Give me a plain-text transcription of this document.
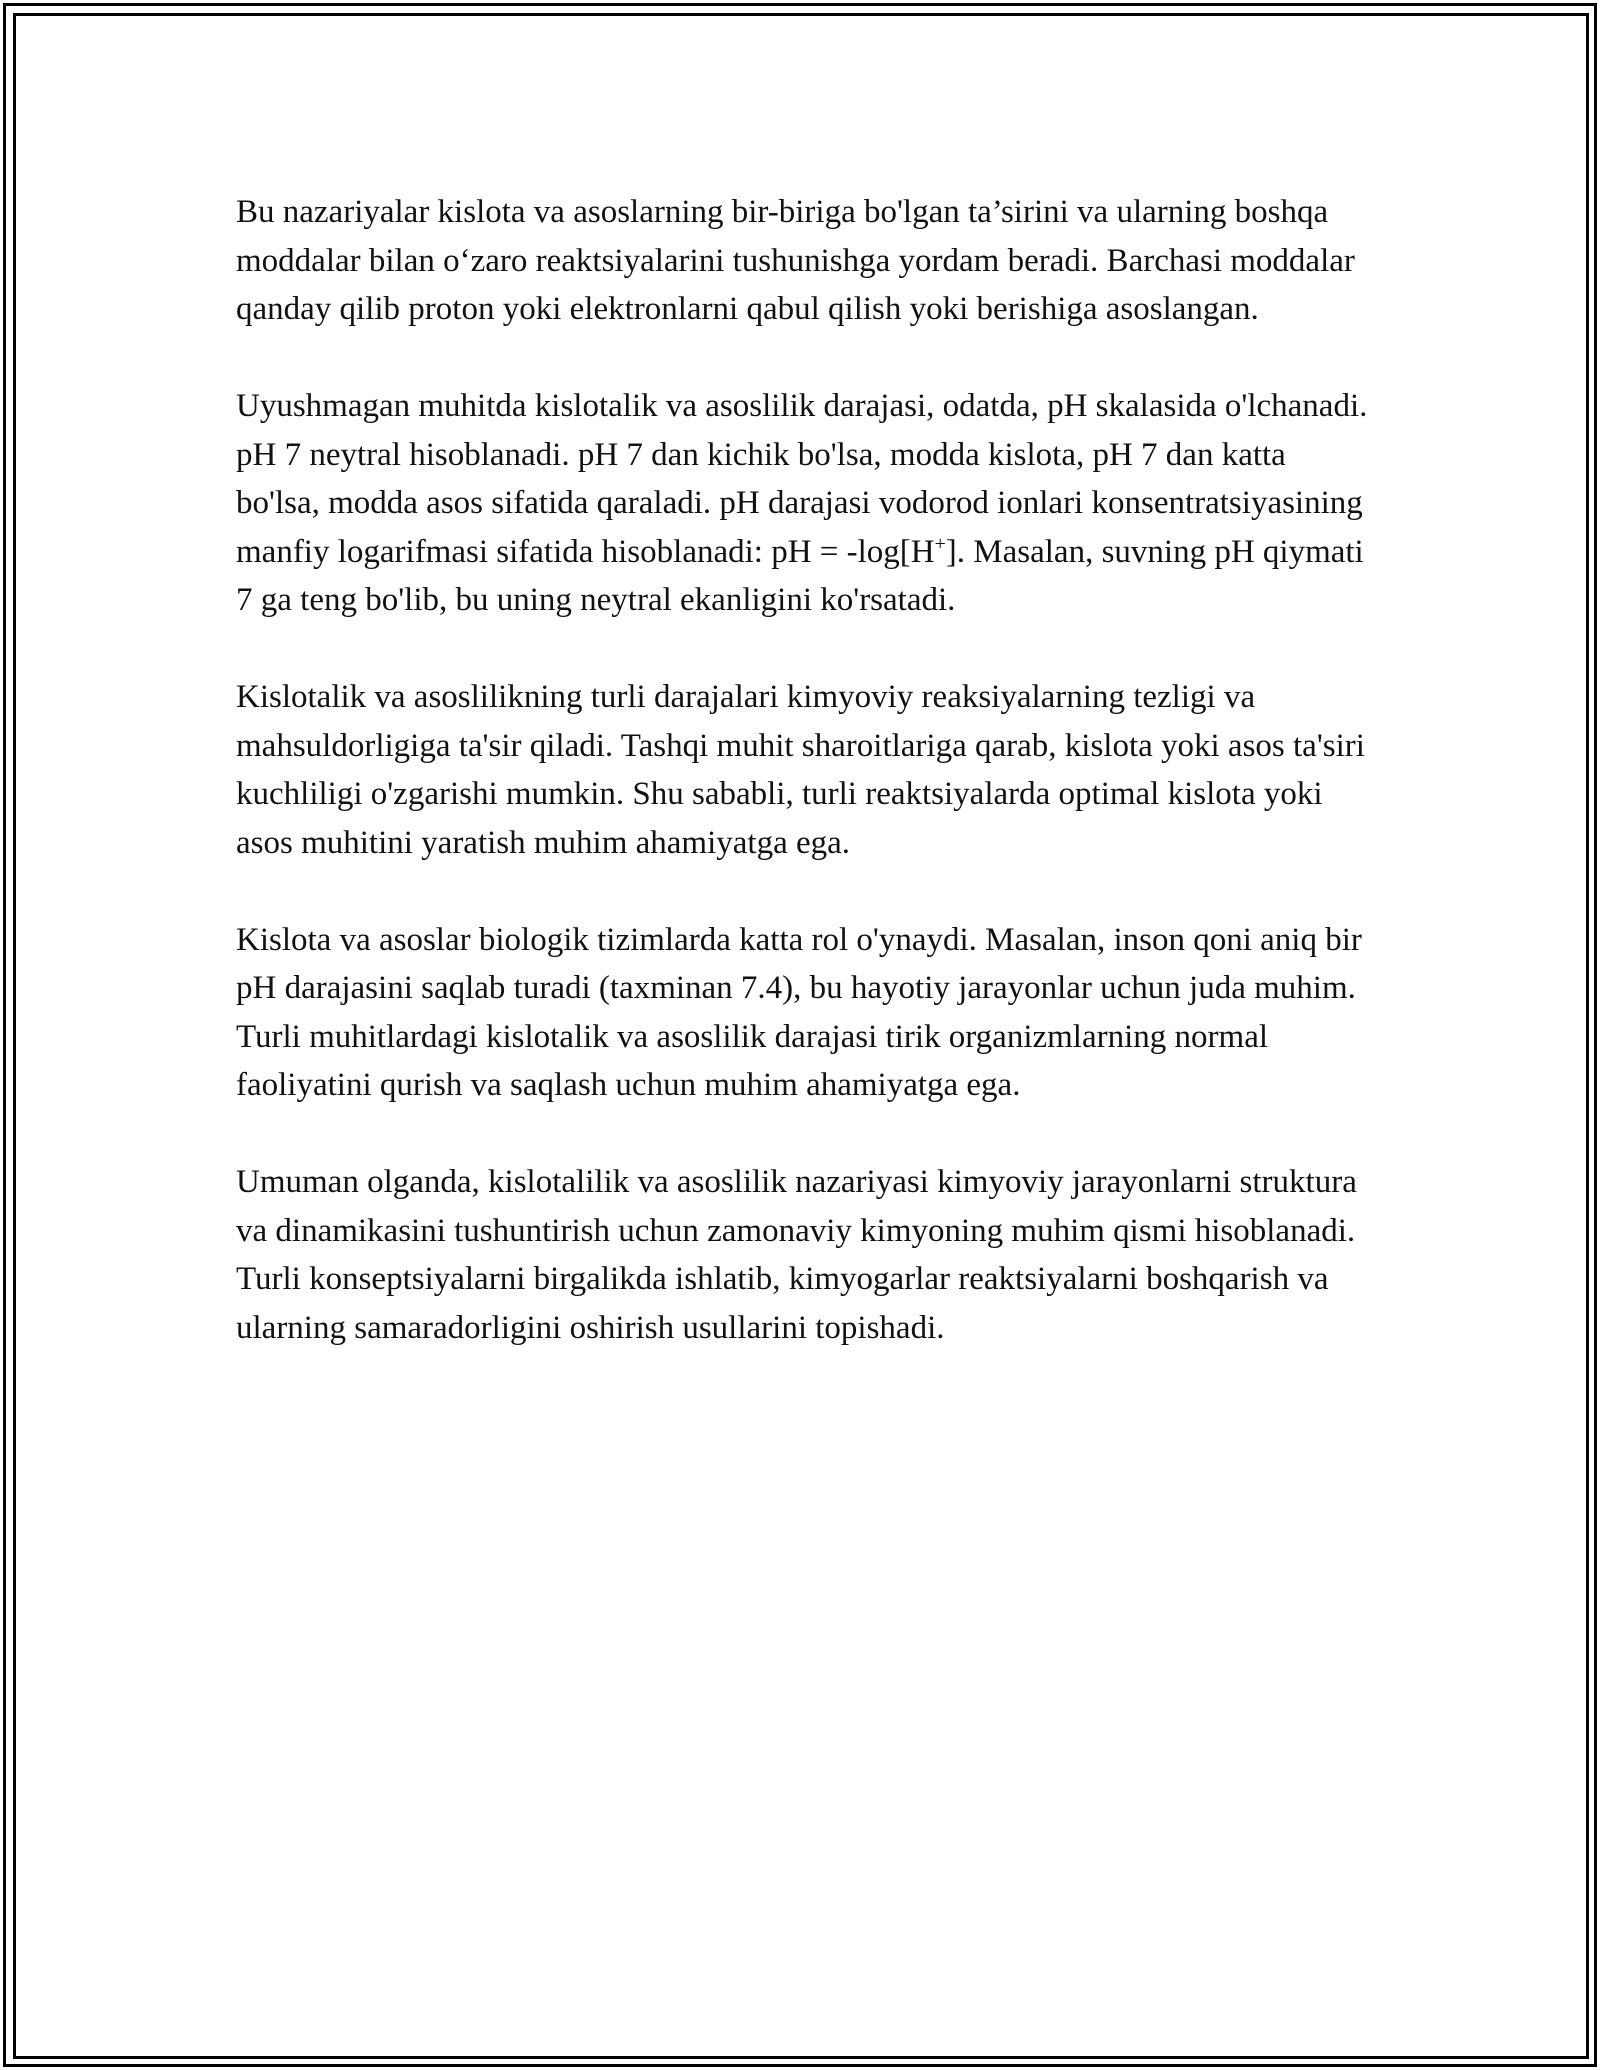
Bu nazariyalar kislota va asoslarning bir-biriga bo'lgan ta’sirini va ularning boshqa moddalar bilan o‘zaro reaktsiyalarini tushunishga yordam beradi. Barchasi moddalar qanday qilib proton yoki elektronlarni qabul qilish yoki berishiga asoslangan.

Uyushmagan muhitda kislotalik va asoslilik darajasi, odatda, pH skalasida o'lchanadi. pH 7 neytral hisoblanadi. pH 7 dan kichik bo'lsa, modda kislota, pH 7 dan katta bo'lsa, modda asos sifatida qaraladi. pH darajasi vodorod ionlari konsentratsiyasining manfiy logarifmasi sifatida hisoblanadi: pH = -log[H+]. Masalan, suvning pH qiymati 7 ga teng bo'lib, bu uning neytral ekanligini ko'rsatadi.

Kislotalik va asoslilikning turli darajalari kimyoviy reaksiyalarning tezligi va mahsuldorligiga ta'sir qiladi. Tashqi muhit sharoitlariga qarab, kislota yoki asos ta'siri kuchliligi o'zgarishi mumkin. Shu sababli, turli reaktsiyalarda optimal kislota yoki asos muhitini yaratish muhim ahamiyatga ega.

Kislota va asoslar biologik tizimlarda katta rol o'ynaydi. Masalan, inson qoni aniq bir pH darajasini saqlab turadi (taxminan 7.4), bu hayotiy jarayonlar uchun juda muhim. Turli muhitlardagi kislotalik va asoslilik darajasi tirik organizmlarning normal faoliyatini qurish va saqlash uchun muhim ahamiyatga ega.

Umuman olganda, kislotalilik va asoslilik nazariyasi kimyoviy jarayonlarni struktura va dinamikasini tushuntirish uchun zamonaviy kimyoning muhim qismi hisoblanadi. Turli konseptsiyalarni birgalikda ishlatib, kimyogarlar reaktsiyalarni boshqarish va ularning samaradorligini oshirish usullarini topishadi.
